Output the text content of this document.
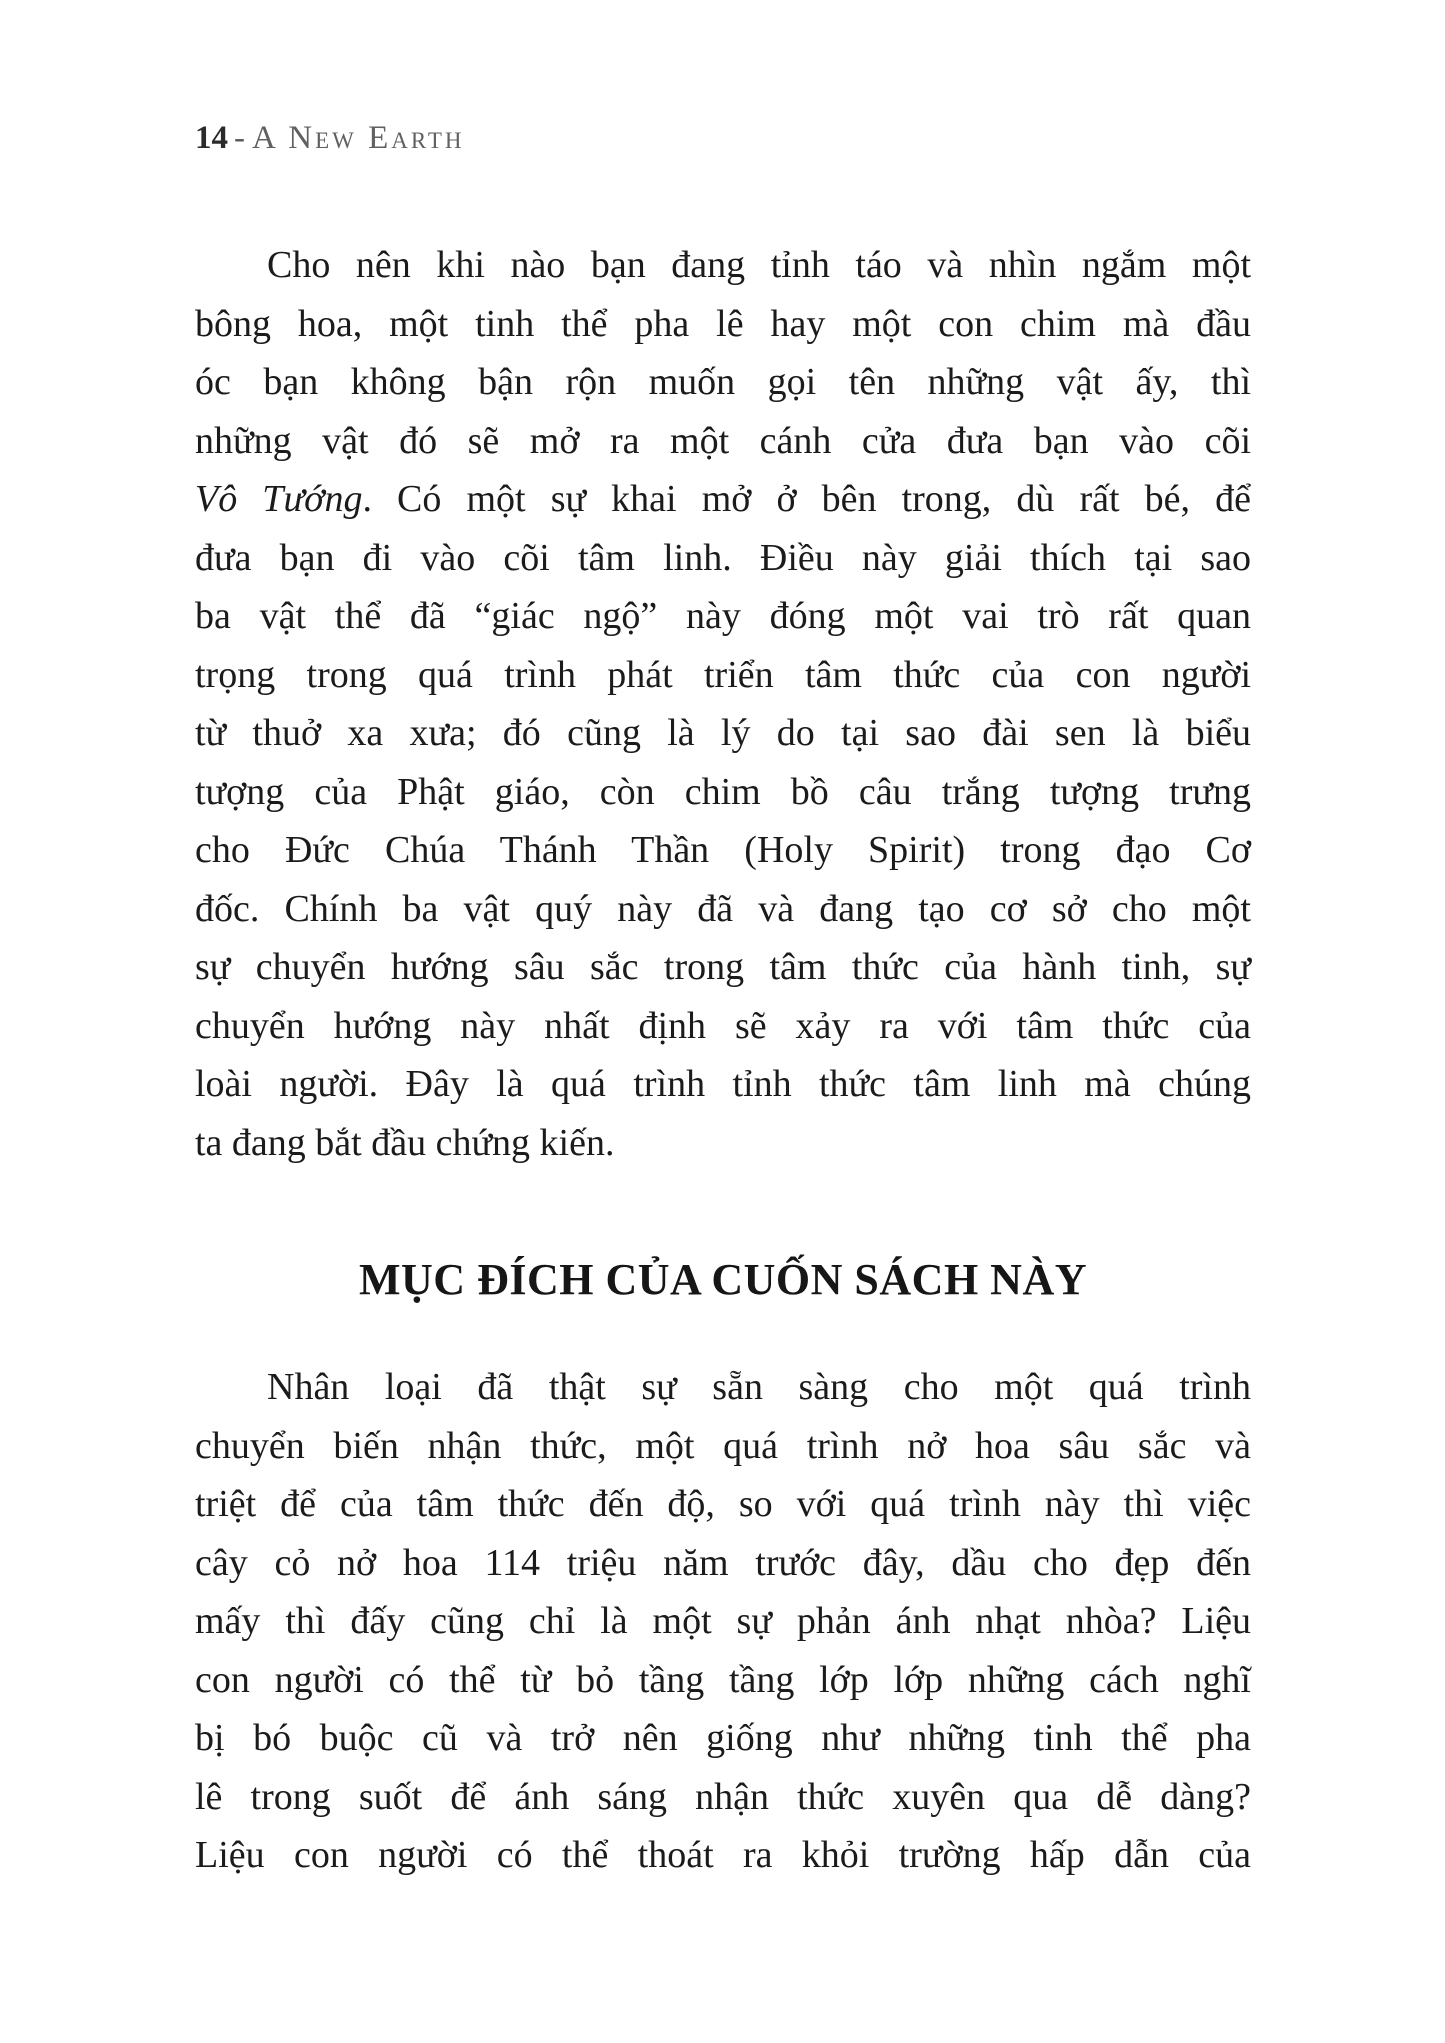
14 - A New Earth
Cho nên khi nào bạn đang tỉnh táo và nhìn ngắm một
bông hoa, một tinh thể pha lê hay một con chim mà đầu
óc bạn không bận rộn muốn gọi tên những vật ấy, thì
những vật đó sẽ mở ra một cánh cửa đưa bạn vào cõi
Vô Tướng. Có một sự khai mở ở bên trong, dù rất bé, để
đưa bạn đi vào cõi tâm linh. Điều này giải thích tại sao
ba vật thể đã “giác ngộ” này đóng một vai trò rất quan
trọng trong quá trình phát triển tâm thức của con người
từ thuở xa xưa; đó cũng là lý do tại sao đài sen là biểu
tượng của Phật giáo, còn chim bồ câu trắng tượng trưng
cho Đức Chúa Thánh Thần (Holy Spirit) trong đạo Cơ
đốc. Chính ba vật quý này đã và đang tạo cơ sở cho một
sự chuyển hướng sâu sắc trong tâm thức của hành tinh, sự
chuyển hướng này nhất định sẽ xảy ra với tâm thức của
loài người. Đây là quá trình tỉnh thức tâm linh mà chúng
ta đang bắt đầu chứng kiến.
MỤC ĐÍCH CỦA CUỐN SÁCH NÀY
Nhân loại đã thật sự sẵn sàng cho một quá trình
chuyển biến nhận thức, một quá trình nở hoa sâu sắc và
triệt để của tâm thức đến độ, so với quá trình này thì việc
cây cỏ nở hoa 114 triệu năm trước đây, dầu cho đẹp đến
mấy thì đấy cũng chỉ là một sự phản ánh nhạt nhòa? Liệu
con người có thể từ bỏ tầng tầng lớp lớp những cách nghĩ
bị bó buộc cũ và trở nên giống như những tinh thể pha
lê trong suốt để ánh sáng nhận thức xuyên qua dễ dàng?
Liệu con người có thể thoát ra khỏi trường hấp dẫn của
